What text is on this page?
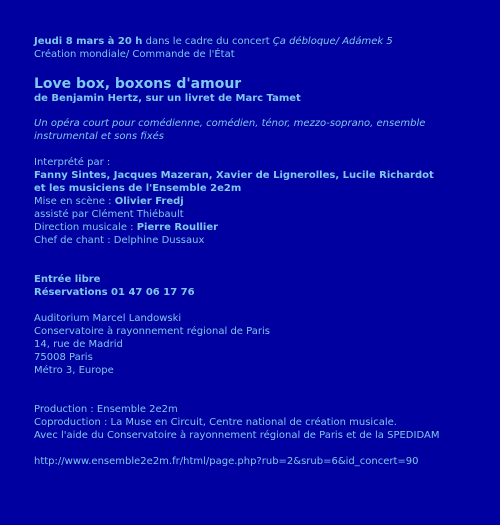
Jeudi 8 mars à 20 h dans le cadre du concert Ça débloque/ Adámek 5
Création mondiale/ Commande de l'État
Love box, boxons d'amour
de Benjamin Hertz, sur un livret de Marc Tamet
Un opéra court pour comédienne, comédien, ténor, mezzo-soprano, ensemble instrumental et sons fixés
Interprété par :
Fanny Sintes, Jacques Mazeran, Xavier de Lignerolles, Lucile Richardot
et les musiciens de l'Ensemble 2e2m
Mise en scène : Olivier Fredj
assisté par Clément Thiébault
Direction musicale : Pierre Roullier
Chef de chant : Delphine Dussaux
Entrée libre
Réservations 01 47 06 17 76
Auditorium Marcel Landowski
Conservatoire à rayonnement régional de Paris
14, rue de Madrid
75008 Paris
Métro 3, Europe
Production : Ensemble 2e2m
Coproduction : La Muse en Circuit, Centre national de création musicale.
Avec l'aide du Conservatoire à rayonnement régional de Paris et de la SPEDIDAM
http://www.ensemble2e2m.fr/html/page.php?rub=2&srub=6&id_concert=90
